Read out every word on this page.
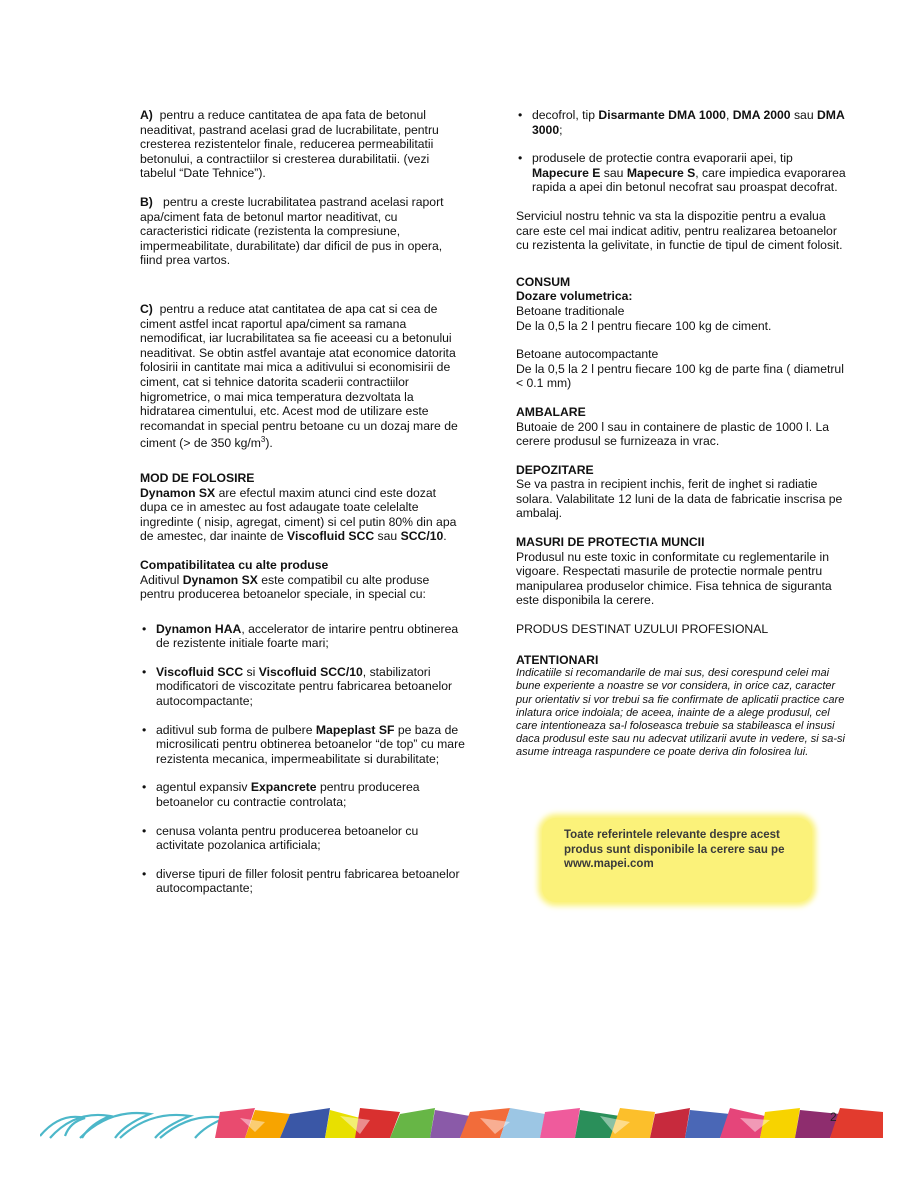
A) pentru a reduce cantitatea de apa fata de betonul neaditivat, pastrand acelasi grad de lucrabilitate, pentru cresterea rezistentelor finale, reducerea permeabilitatii betonului, a contractiilor si cresterea durabilitatii. (vezi tabelul “Date Tehnice”).

B) pentru a creste lucrabilitatea pastrand acelasi raport apa/ciment fata de betonul martor neaditivat, cu caracteristici ridicate (rezistenta la compresiune, impermeabilitate, durabilitate) dar dificil de pus in opera, fiind prea vartos.

C) pentru a reduce atat cantitatea de apa cat si cea de ciment astfel incat raportul apa/ciment sa ramana nemodificat, iar lucrabilitatea sa fie aceeasi cu a betonului neaditivat. Se obtin astfel avantaje atat economice datorita folosirii in cantitate mai mica a aditivului si economisirii de ciment, cat si tehnice datorita scaderii contractiilor higrometrice, o mai mica temperatura dezvoltata la hidratarea cimentului, etc. Acest mod de utilizare este recomandat in special pentru betoane cu un dozaj mare de ciment (> de 350 $kg/m^3$).

MOD DE FOLOSIRE

Dynamon SX are efectul maxim atunci cind este dozat dupa ce in amestec au fost adaugate toate celelalte ingredinte ( nisip, agregat, ciment) si cel putin 80% din apa de amestec, dar inainte de Viscofluid SCC sau SCC/10.

Compatibilitatea cu alte produse

Aditivul Dynamon SX este compatibil cu alte produse pentru producerea betoanelor speciale, in special cu:

• Dynamon HAA, accelerator de intarire pentru obtinerea de rezistente initiale foarte mari;
• Viscofluid SCC si Viscofluid SCC/10, stabilizatori modificatori de viscozitate pentru fabricarea betoanelor autocompactante;
• aditivul sub forma de pulbere Mapeplast SF pe baza de microsilicati pentru obtinerea betoanelor “de top” cu mare rezistenta mecanica, impermeabilitate si durabilitate;
• agentul expansiv Expancrete pentru producerea betoanelor cu contractie controlata;
• cenusa volanta pentru producerea betoanelor cu activitate pozolanica artificiala;
• diverse tipuri de filler folosit pentru fabricarea betoanelor autocompactante;
• decofrol, tip Disarmante DMA 1000, DMA 2000 sau DMA 3000;
• produsele de protectie contra evaporarii apei, tip Mapecure E sau Mapecure S, care impiedica evaporarea rapida a apei din betonul necofrat sau proaspat decofrat.

Serviciul nostru tehnic va sta la dispozitie pentru a evalua care este cel mai indicat aditiv, pentru realizarea betoanelor cu rezistenta la gelivitate, in functie de tipul de ciment folosit.

CONSUM

Dozare volumetrica:

Betoane traditionale

De la 0,5 la 2 l pentru fiecare 100 kg de ciment.

Betoane autocompactante

De la 0,5 la 2 l pentru fiecare 100 kg de parte fina ( diametrul < 0.1 mm)

AMBALARE

Butoaie de 200 l sau in containere de plastic de 1000 l. La cerere produsul se furnizeaza in vrac.

DEPOZITARE

Se va pastra in recipient inchis, ferit de inghet si radiatie solara. Valabilitate 12 luni de la data de fabricatie inscrisa pe ambalaj.

MASURI DE PROTECTIA MUNCII

Produsul nu este toxic in conformitate cu reglementarile in vigoare. Respectati masurile de protectie normale pentru manipularea produselor chimice. Fisa tehnica de siguranta este disponibila la cerere.

PRODUS DESTINAT UZULUI PROFESIONAL

ATENTIONARI

Indicatiile si recomandarile de mai sus, desi corespund celei mai bune experiente a noastre se vor considera, in orice caz, caracter pur orientativ si vor trebui sa fie confirmate de aplicatii practice care inlatura orice indoiala; de aceea, inainte de a alege produsul, cel care intentioneaza sa-l foloseasca trebuie sa stabileasca el insusi daca produsul este sau nu adecvat utilizarii avute in vedere, si sa-si asume intreaga raspundere ce poate deriva din folosirea lui.

Toate referintele relevante despre acest produs sunt disponibile la cerere sau pe www.mapei.com
2
